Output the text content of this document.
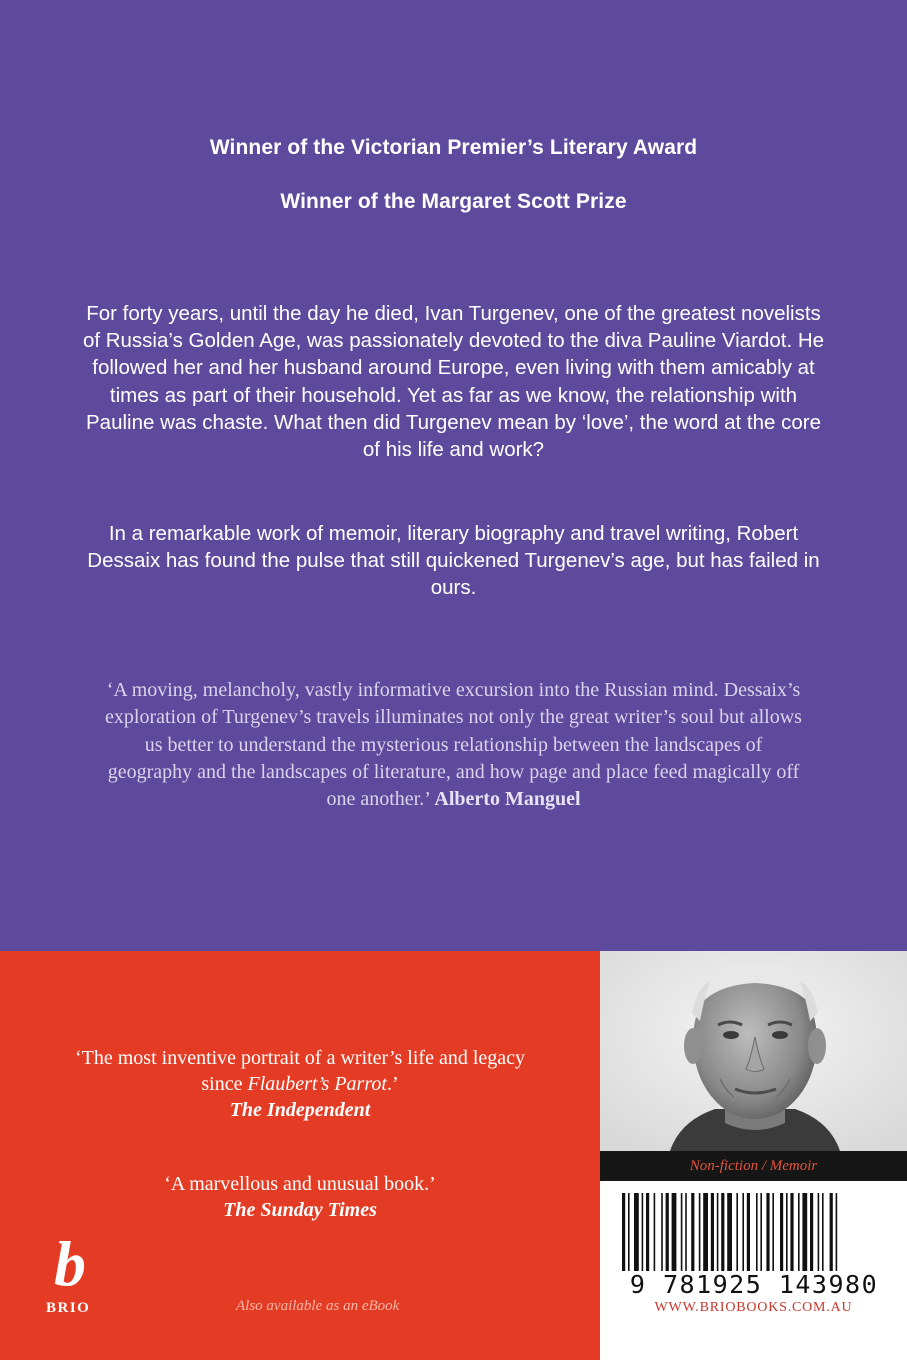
Winner of the Victorian Premier’s Literary Award
Winner of the Margaret Scott Prize

For forty years, until the day he died, Ivan Turgenev, one of the greatest novelists of Russia’s Golden Age, was passionately devoted to the diva Pauline Viardot. He followed her and her husband around Europe, even living with them amicably at times as part of their household. Yet as far as we know, the relationship with Pauline was chaste. What then did Turgenev mean by ‘love’, the word at the core of his life and work?

In a remarkable work of memoir, literary biography and travel writing, Robert Dessaix has found the pulse that still quickened Turgenev’s age, but has failed in ours.

‘A moving, melancholy, vastly informative excursion into the Russian mind. Dessaix’s exploration of Turgenev’s travels illuminates not only the great writer’s soul but allows us better to understand the mysterious relationship between the landscapes of geography and the landscapes of literature, and how page and place feed magically off one another.’ Alberto Manguel

‘The most inventive portrait of a writer’s life and legacy since Flaubert’s Parrot.’
The Independent

‘A marvellous and unusual book.’
The Sunday Times

b
BRIO	Also available as an eBook
Non-fiction / Memoir
9 781925 143980
WWW.BRIOBOOKS.COM.AU
